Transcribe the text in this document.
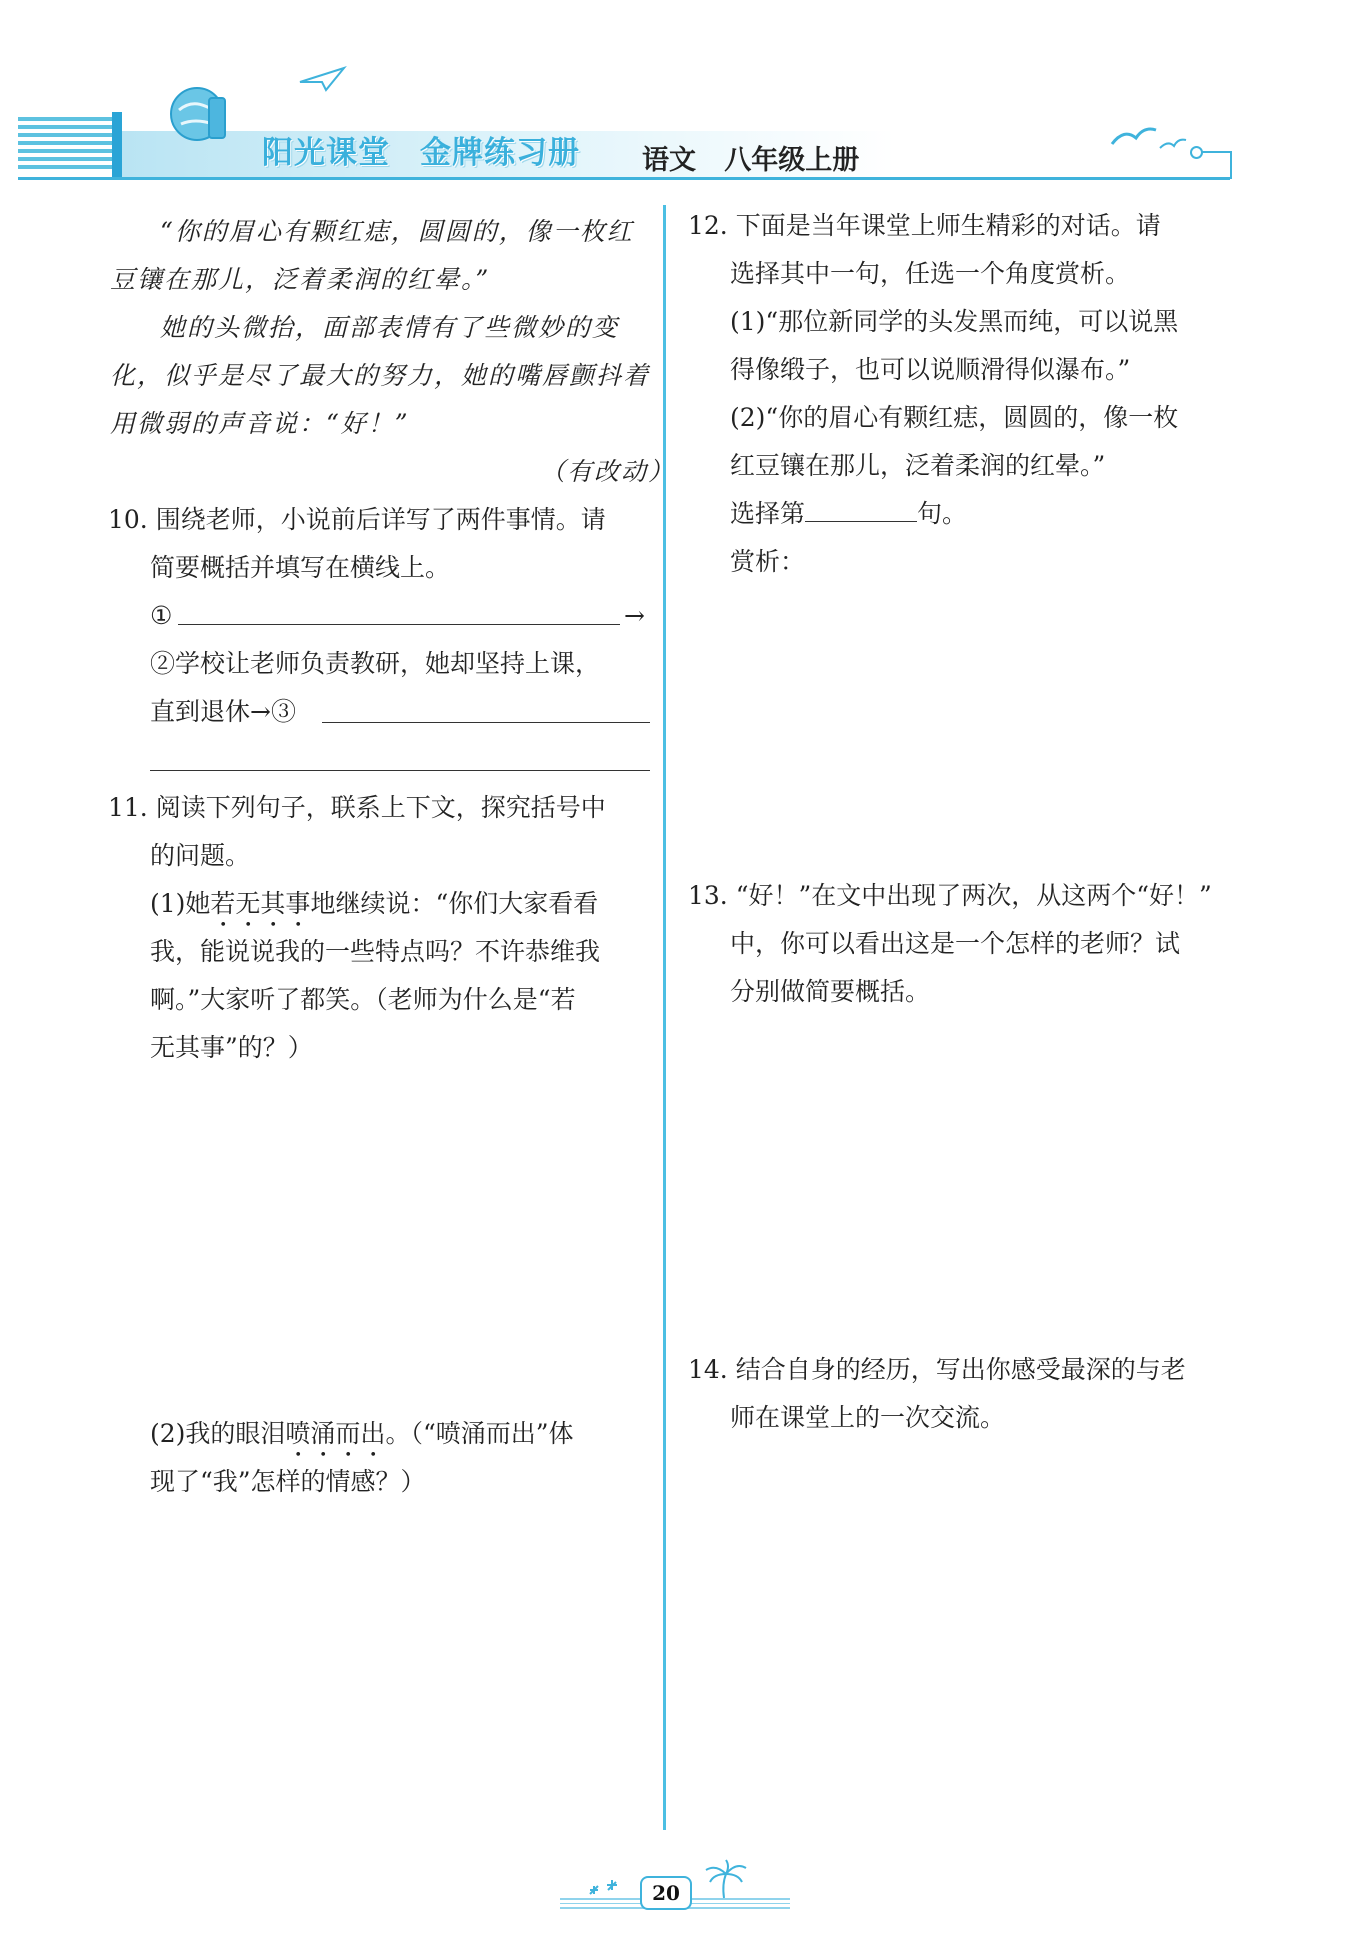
阳光课堂 金牌练习册	语文 八年级上册
“你的眉心有颗红痣，圆圆的，像一枚红
豆镶在那儿，泛着柔润的红晕。”
她的头微抬，面部表情有了些微妙的变
化，似乎是尽了最大的努力，她的嘴唇颤抖着
用微弱的声音说：“好！”
（有改动）
10. 围绕老师，小说前后详写了两件事情。请
简要概括并填写在横线上。
①	→
②学校让老师负责教研，她却坚持上课，
直到退休→③
11. 阅读下列句子，联系上下文，探究括号中
的问题。
(1)她若无其事地继续说：“你们大家看看
我，能说说我的一些特点吗？不许恭维我
啊。”大家听了都笑。（老师为什么是“若
无其事”的？）
(2)我的眼泪喷涌而出。（“喷涌而出”体
现了“我”怎样的情感？）
12. 下面是当年课堂上师生精彩的对话。请
选择其中一句，任选一个角度赏析。
(1)“那位新同学的头发黑而纯，可以说黑
得像缎子，也可以说顺滑得似瀑布。”
(2)“你的眉心有颗红痣，圆圆的，像一枚
红豆镶在那儿，泛着柔润的红晕。”
选择第	句。
赏析：
13. “好！”在文中出现了两次，从这两个“好！”
中，你可以看出这是一个怎样的老师？试
分别做简要概括。
14. 结合自身的经历，写出你感受最深的与老
师在课堂上的一次交流。
20
